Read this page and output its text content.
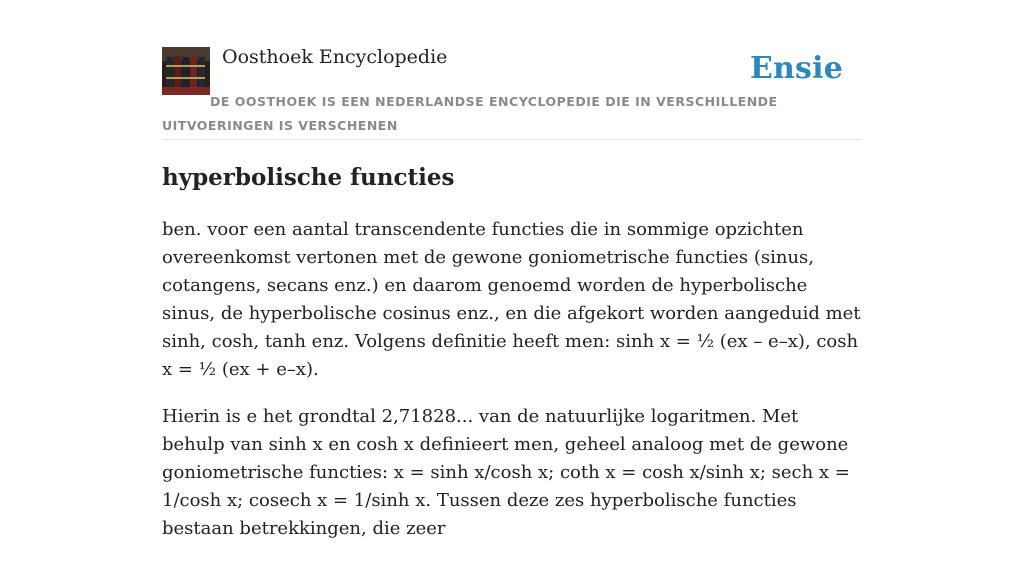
Oosthoek Encyclopedie	Ensie
DE OOSTHOEK IS EEN NEDERLANDSE ENCYCLOPEDIE DIE IN VERSCHILLENDE UITVOERINGEN IS VERSCHENEN
hyperbolische functies

ben. voor een aantal transcendente functies die in sommige opzichten overeenkomst vertonen met de gewone goniometrische functies (sinus, cotangens, secans enz.) en daarom genoemd worden de hyperbolische sinus, de hyperbolische cosinus enz., en die afgekort worden aangeduid met sinh, cosh, tanh enz. Volgens definitie heeft men: sinh x = ½ (ex – e–x), cosh x = ½ (ex + e–x).

Hierin is e het grondtal 2,71828... van de natuurlijke logaritmen. Met behulp van sinh x en cosh x definieert men, geheel analoog met de gewone goniometrische functies: x = sinh x/cosh x; coth x = cosh x/sinh x; sech x = 1/cosh x; cosech x = 1/sinh x. Tussen deze zes hyperbolische functies bestaan betrekkingen, die zeer
